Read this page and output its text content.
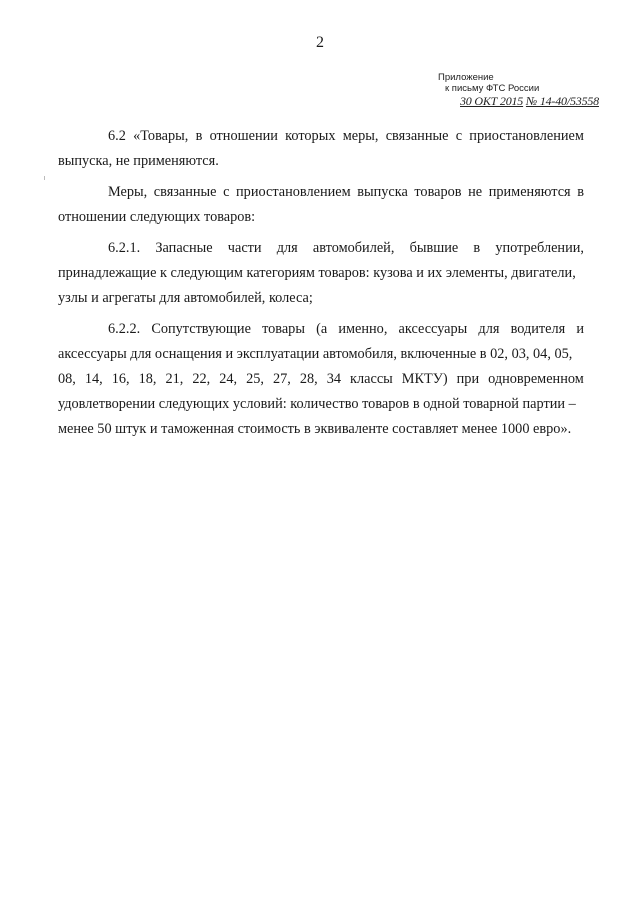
2
Приложение
к письму ФТС России
30 ОКТ 2015 № 14-40/53558
6.2 «Товары, в отношении которых меры, связанные с приостановлением
выпуска, не применяются.
Меры, связанные с приостановлением выпуска товаров не применяются в
отношении следующих товаров:
6.2.1. Запасные части для автомобилей, бывшие в употреблении,
принадлежащие к следующим категориям товаров: кузова и их элементы, двигатели,
узлы и агрегаты для автомобилей, колеса;
6.2.2. Сопутствующие товары (а именно, аксессуары для водителя и
аксессуары для оснащения и эксплуатации автомобиля, включенные в 02, 03, 04, 05,
08, 14, 16, 18, 21, 22, 24, 25, 27, 28, 34 классы МКТУ) при одновременном
удовлетворении следующих условий: количество товаров в одной товарной партии –
менее 50 штук и таможенная стоимость в эквиваленте составляет менее 1000 евро».
